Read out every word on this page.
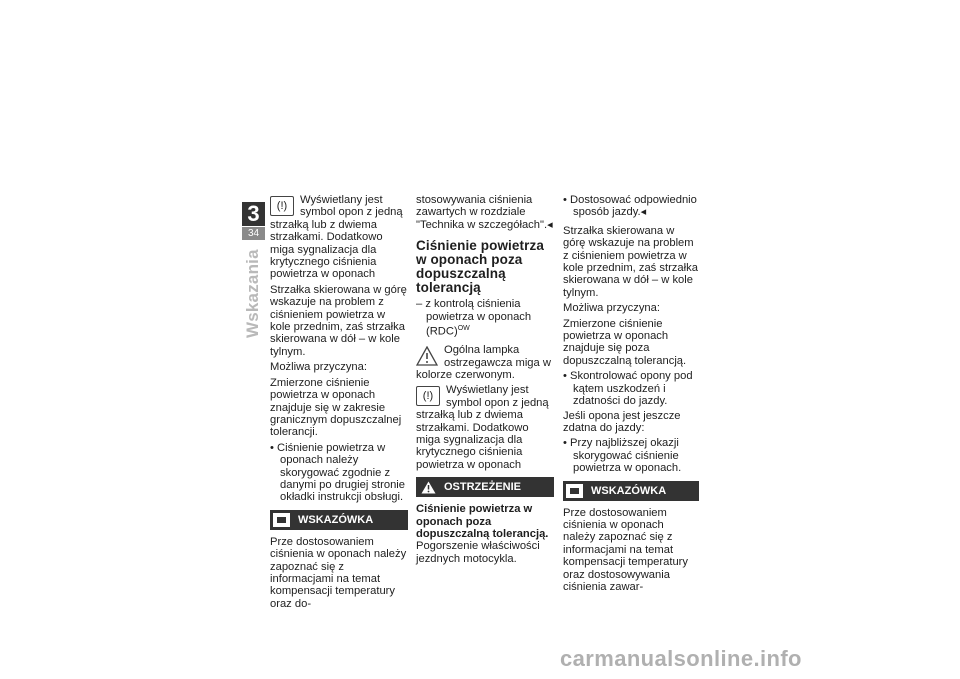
3
34
Wskazania

(!)	Wyświetlany jest symbol opon z jedną strzałką lub z dwiema strzałkami. Dodatkowo miga sygnalizacja dla krytycznego ciśnienia powietrza w oponach

Strzałka skierowana w górę wskazuje na problem z ciśnieniem powietrza w kole przednim, zaś strzałka skierowana w dół – w kole tylnym.

Możliwa przyczyna:

Zmierzone ciśnienie powietrza w oponach znajduje się w zakresie granicznym dopuszczalnej tolerancji.

• Ciśnienie powietrza w oponach należy skorygować zgodnie z danymi po drugiej stronie okładki instrukcji obsługi.

WSKAZÓWKA

Prze dostosowaniem ciśnienia w oponach należy zapoznać się z informacjami na temat kompensacji temperatury oraz do-

stosowywania ciśnienia zawartych w rozdziale "Technika w szczegółach".◂

Ciśnienie powietrza w oponach poza dopuszczalną tolerancją

– z kontrolą ciśnienia powietrza w oponach (RDC)$^{OW}$

Ogólna lampka ostrzegawcza miga w kolorze czerwonym.

(!)	Wyświetlany jest symbol opon z jedną strzałką lub z dwiema strzałkami. Dodatkowo miga sygnalizacja dla krytycznego ciśnienia powietrza w oponach

OSTRZEŻENIE

Ciśnienie powietrza w oponach poza dopuszczalną tolerancją.

Pogorszenie właściwości jezdnych motocykla.

• Dostosować odpowiednio sposób jazdy.◂

Strzałka skierowana w górę wskazuje na problem z ciśnieniem powietrza w kole przednim, zaś strzałka skierowana w dół – w kole tylnym.

Możliwa przyczyna:

Zmierzone ciśnienie powietrza w oponach znajduje się poza dopuszczalną tolerancją.

• Skontrolować opony pod kątem uszkodzeń i zdatności do jazdy.

Jeśli opona jest jeszcze zdatna do jazdy:

• Przy najbliższej okazji skorygować ciśnienie powietrza w oponach.

WSKAZÓWKA

Prze dostosowaniem ciśnienia w oponach należy zapoznać się z informacjami na temat kompensacji temperatury oraz dostosowywania ciśnienia zawar-

carmanualsonline.info
